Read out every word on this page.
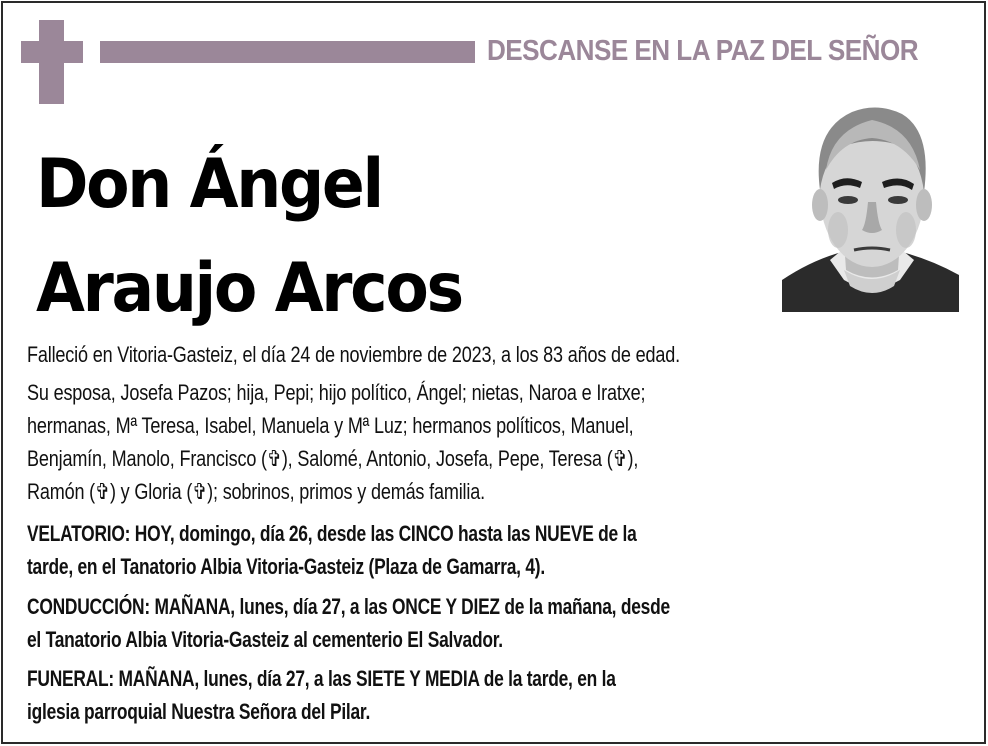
DESCANSE EN LA PAZ DEL SEÑOR
Don Ángel
Araujo Arcos
Falleció en Vitoria-Gasteiz, el día 24 de noviembre de 2023, a los 83 años de edad.
Su esposa, Josefa Pazos; hija, Pepi; hijo político, Ángel; nietas, Naroa e Iratxe;
hermanas, Mª Teresa, Isabel, Manuela y Mª Luz; hermanos políticos, Manuel,
Benjamín, Manolo, Francisco (✞), Salomé, Antonio, Josefa, Pepe, Teresa (✞),
Ramón (✞) y Gloria (✞); sobrinos, primos y demás familia.
VELATORIO: HOY, domingo, día 26, desde las CINCO hasta las NUEVE de la
tarde, en el Tanatorio Albia Vitoria-Gasteiz (Plaza de Gamarra, 4).
CONDUCCIÓN: MAÑANA, lunes, día 27, a las ONCE Y DIEZ de la mañana, desde
el Tanatorio Albia Vitoria-Gasteiz al cementerio El Salvador.
FUNERAL: MAÑANA, lunes, día 27, a las SIETE Y MEDIA de la tarde, en la
iglesia parroquial Nuestra Señora del Pilar.
